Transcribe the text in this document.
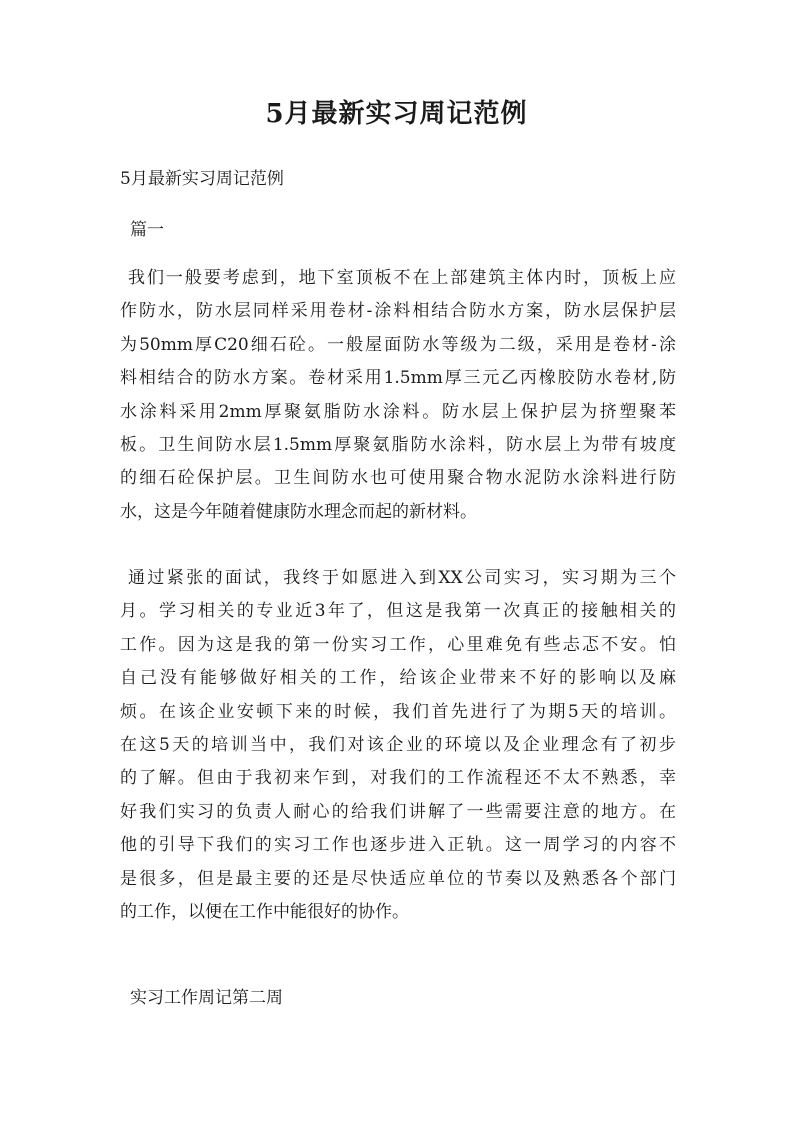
5月最新实习周记范例
5月最新实习周记范例
篇一
我们一般要考虑到，地下室顶板不在上部建筑主体内时，顶板上应
作防水，防水层同样采用卷材-涂料相结合防水方案，防水层保护层
为50mm厚C20细石砼。一般屋面防水等级为二级，采用是卷材-涂
料相结合的防水方案。卷材采用1.5mm厚三元乙丙橡胶防水卷材,防
水涂料采用2mm厚聚氨脂防水涂料。防水层上保护层为挤塑聚苯
板。卫生间防水层1.5mm厚聚氨脂防水涂料，防水层上为带有坡度
的细石砼保护层。卫生间防水也可使用聚合物水泥防水涂料进行防
水，这是今年随着健康防水理念而起的新材料。
通过紧张的面试，我终于如愿进入到XX公司实习，实习期为三个
月。学习相关的专业近3年了，但这是我第一次真正的接触相关的
工作。因为这是我的第一份实习工作，心里难免有些忐忑不安。怕
自己没有能够做好相关的工作，给该企业带来不好的影响以及麻
烦。在该企业安顿下来的时候，我们首先进行了为期5天的培训。
在这5天的培训当中，我们对该企业的环境以及企业理念有了初步
的了解。但由于我初来乍到，对我们的工作流程还不太不熟悉，幸
好我们实习的负责人耐心的给我们讲解了一些需要注意的地方。在
他的引导下我们的实习工作也逐步进入正轨。这一周学习的内容不
是很多，但是最主要的还是尽快适应单位的节奏以及熟悉各个部门
的工作，以便在工作中能很好的协作。
实习工作周记第二周
